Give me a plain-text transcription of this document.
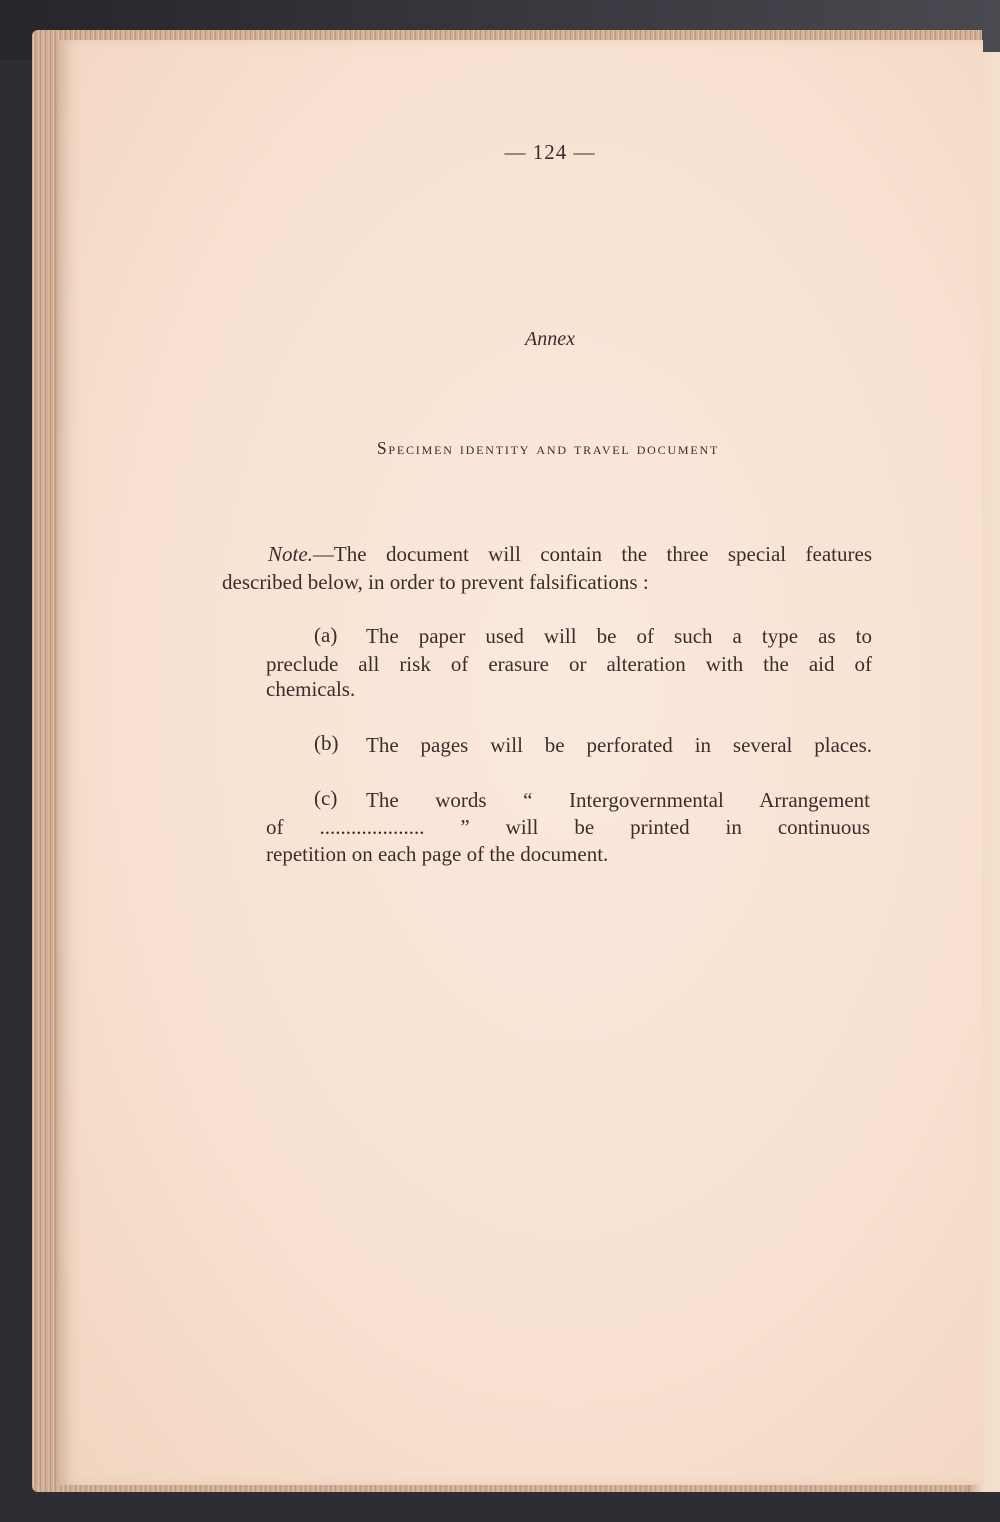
— 124 —
Annex
Specimen identity and travel document
Note.—The document will contain the three special features
described below, in order to prevent falsifications :
(a) The paper used will be of such a type as to
preclude all risk of erasure or alteration with the aid of
chemicals.
(b) The pages will be perforated in several places.
(c) The words “ Intergovernmental Arrangement
of .................... ” will be printed in continuous
repetition on each page of the document.
